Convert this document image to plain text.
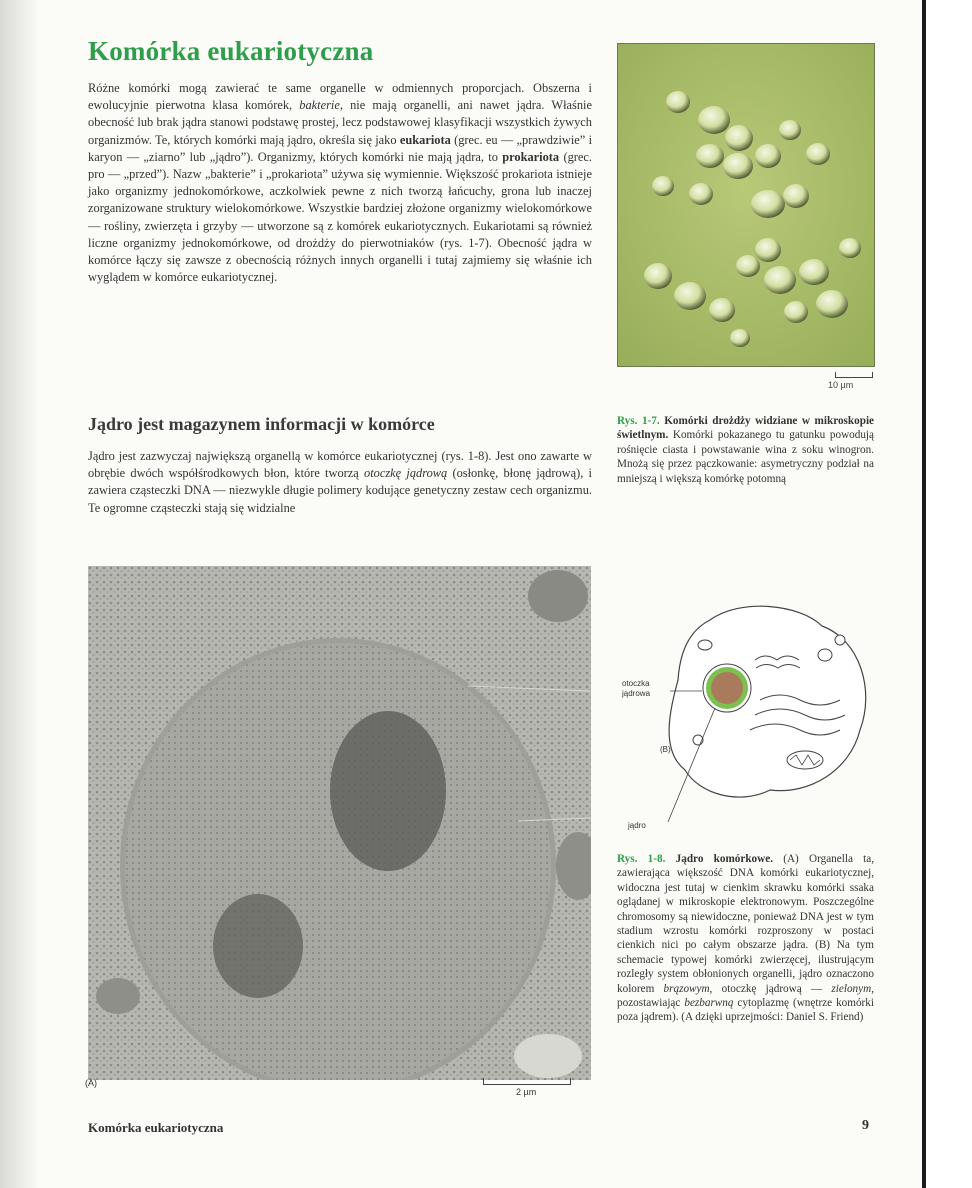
Komórka eukariotyczna

Różne komórki mogą zawierać te same organelle w odmiennych proporcjach. Obszerna i ewolucyjnie pierwotna klasa komórek, bakterie, nie mają organelli, ani nawet jądra. Właśnie obecność lub brak jądra stanowi podstawę prostej, lecz podstawowej klasyfikacji wszystkich żywych organizmów. Te, których komórki mają jądro, określa się jako eukariota (grec. eu — „prawdziwie” i karyon — „ziarno” lub „jądro”). Organizmy, których komórki nie mają jądra, to prokariota (grec. pro — „przed”). Nazw „bakterie” i „prokariota” używa się wymiennie. Większość prokariota istnieje jako organizmy jednokomórkowe, aczkolwiek pewne z nich tworzą łańcuchy, grona lub inaczej zorganizowane struktury wielokomórkowe. Wszystkie bardziej złożone organizmy wielokomórkowe — rośliny, zwierzęta i grzyby — utworzone są z komórek eukariotycznych. Eukariotami są również liczne organizmy jednokomórkowe, od drożdży do pierwotniaków (rys. 1-7). Obecność jądra w komórce łączy się zawsze z obecnością różnych innych organelli i tutaj zajmiemy się właśnie ich wyglądem w komórce eukariotycznej.

Jądro jest magazynem informacji w komórce

Jądro jest zazwyczaj największą organellą w komórce eukariotycznej (rys. 1-8). Jest ono zawarte w obrębie dwóch współśrodkowych błon, które tworzą otoczkę jądrową (osłonkę, błonę jądrową), i zawiera cząsteczki DNA — niezwykle długie polimery kodujące genetyczny zestaw cech organizmu. Te ogromne cząsteczki stają się widzialne

10 µm

Rys. 1-7. Komórki drożdży widziane w mikroskopie świetlnym. Komórki pokazanego tu gatunku powodują rośnięcie ciasta i powstawanie wina z soku winogron. Mnożą się przez pączkowanie: asymetryczny podział na mniejszą i większą komórkę potomną

(A)
2 µm
otoczka
jądrowa
(B)
jądro

Rys. 1-8. Jądro komórkowe. (A) Organella ta, zawierająca większość DNA komórki eukariotycznej, widoczna jest tutaj w cienkim skrawku komórki ssaka oglądanej w mikroskopie elektronowym. Poszczególne chromosomy są niewidoczne, ponieważ DNA jest w tym stadium wzrostu komórki rozproszony w postaci cienkich nici po całym obszarze jądra. (B) Na tym schemacie typowej komórki zwierzęcej, ilustrującym rozległy system obłonionych organelli, jądro oznaczono kolorem brązowym, otoczkę jądrową — zielonym, pozostawiając bezbarwną cytoplazmę (wnętrze komórki poza jądrem). (A dzięki uprzejmości: Daniel S. Friend)

Komórka eukariotyczna	9
